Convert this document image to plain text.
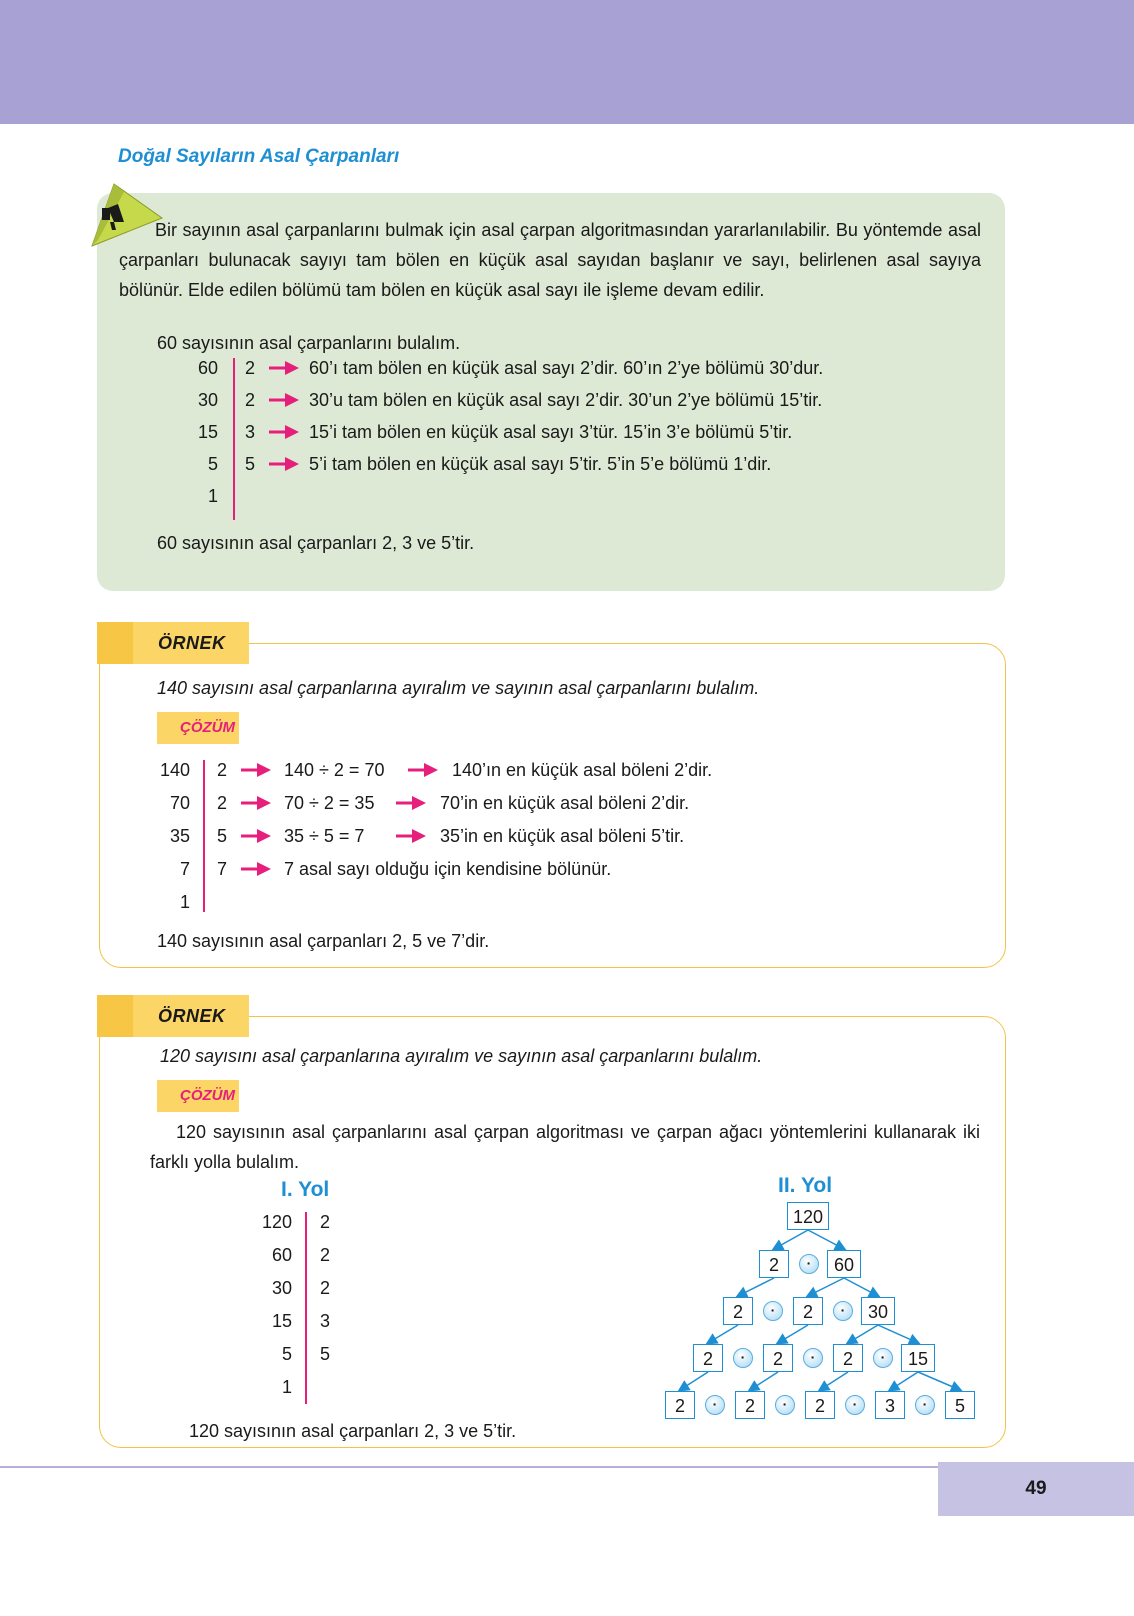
Doğal Sayıların Asal Çarpanları
Bir sayının asal çarpanlarını bulmak için asal çarpan algoritmasından yararlanılabilir. Bu yöntemde asal çarpanları bulunacak sayıyı tam bölen en küçük asal sayıdan başlanır ve sayı, belirlenen asal sayıya bölünür. Elde edilen bölümü tam bölen en küçük asal sayı ile işleme devam edilir.
60 sayısının asal çarpanlarını bulalım.
60 2	60’ı tam bölen en küçük asal sayı 2’dir. 60’ın 2’ye bölümü 30’dur.
30 2	30’u tam bölen en küçük asal sayı 2’dir. 30’un 2’ye bölümü 15’tir.
15 3	15’i tam bölen en küçük asal sayı 3’tür. 15’in 3’e bölümü 5’tir.
5 5	5’i tam bölen en küçük asal sayı 5’tir. 5’in 5’e bölümü 1’dir.
1
60 sayısının asal çarpanları 2, 3 ve 5’tir.
ÖRNEK
140 sayısını asal çarpanlarına ayıralım ve sayının asal çarpanlarını bulalım.
ÇÖZÜM
140 2	140 ÷ 2 = 70	140’ın en küçük asal böleni 2’dir.
70 2	70 ÷ 2 = 35	70’in en küçük asal böleni 2’dir.
35 5	35 ÷ 5 = 7	35’in en küçük asal böleni 5’tir.
7 7	7 asal sayı olduğu için kendisine bölünür.
1
140 sayısının asal çarpanları 2, 5 ve 7’dir.
ÖRNEK
120 sayısını asal çarpanlarına ayıralım ve sayının asal çarpanlarını bulalım.
ÇÖZÜM
120 sayısının asal çarpanlarını asal çarpan algoritması ve çarpan ağacı yöntemlerini kullanarak iki farklı yolla bulalım.
I. Yol	II. Yol
120 2
60 2
30 2
15 3
5 5
1
120
2	·	60
2	·	2	·	30
2	·	2	·	2	·	15
2	·	2	·	2	·	3	·	5
120 sayısının asal çarpanları 2, 3 ve 5’tir.
49
